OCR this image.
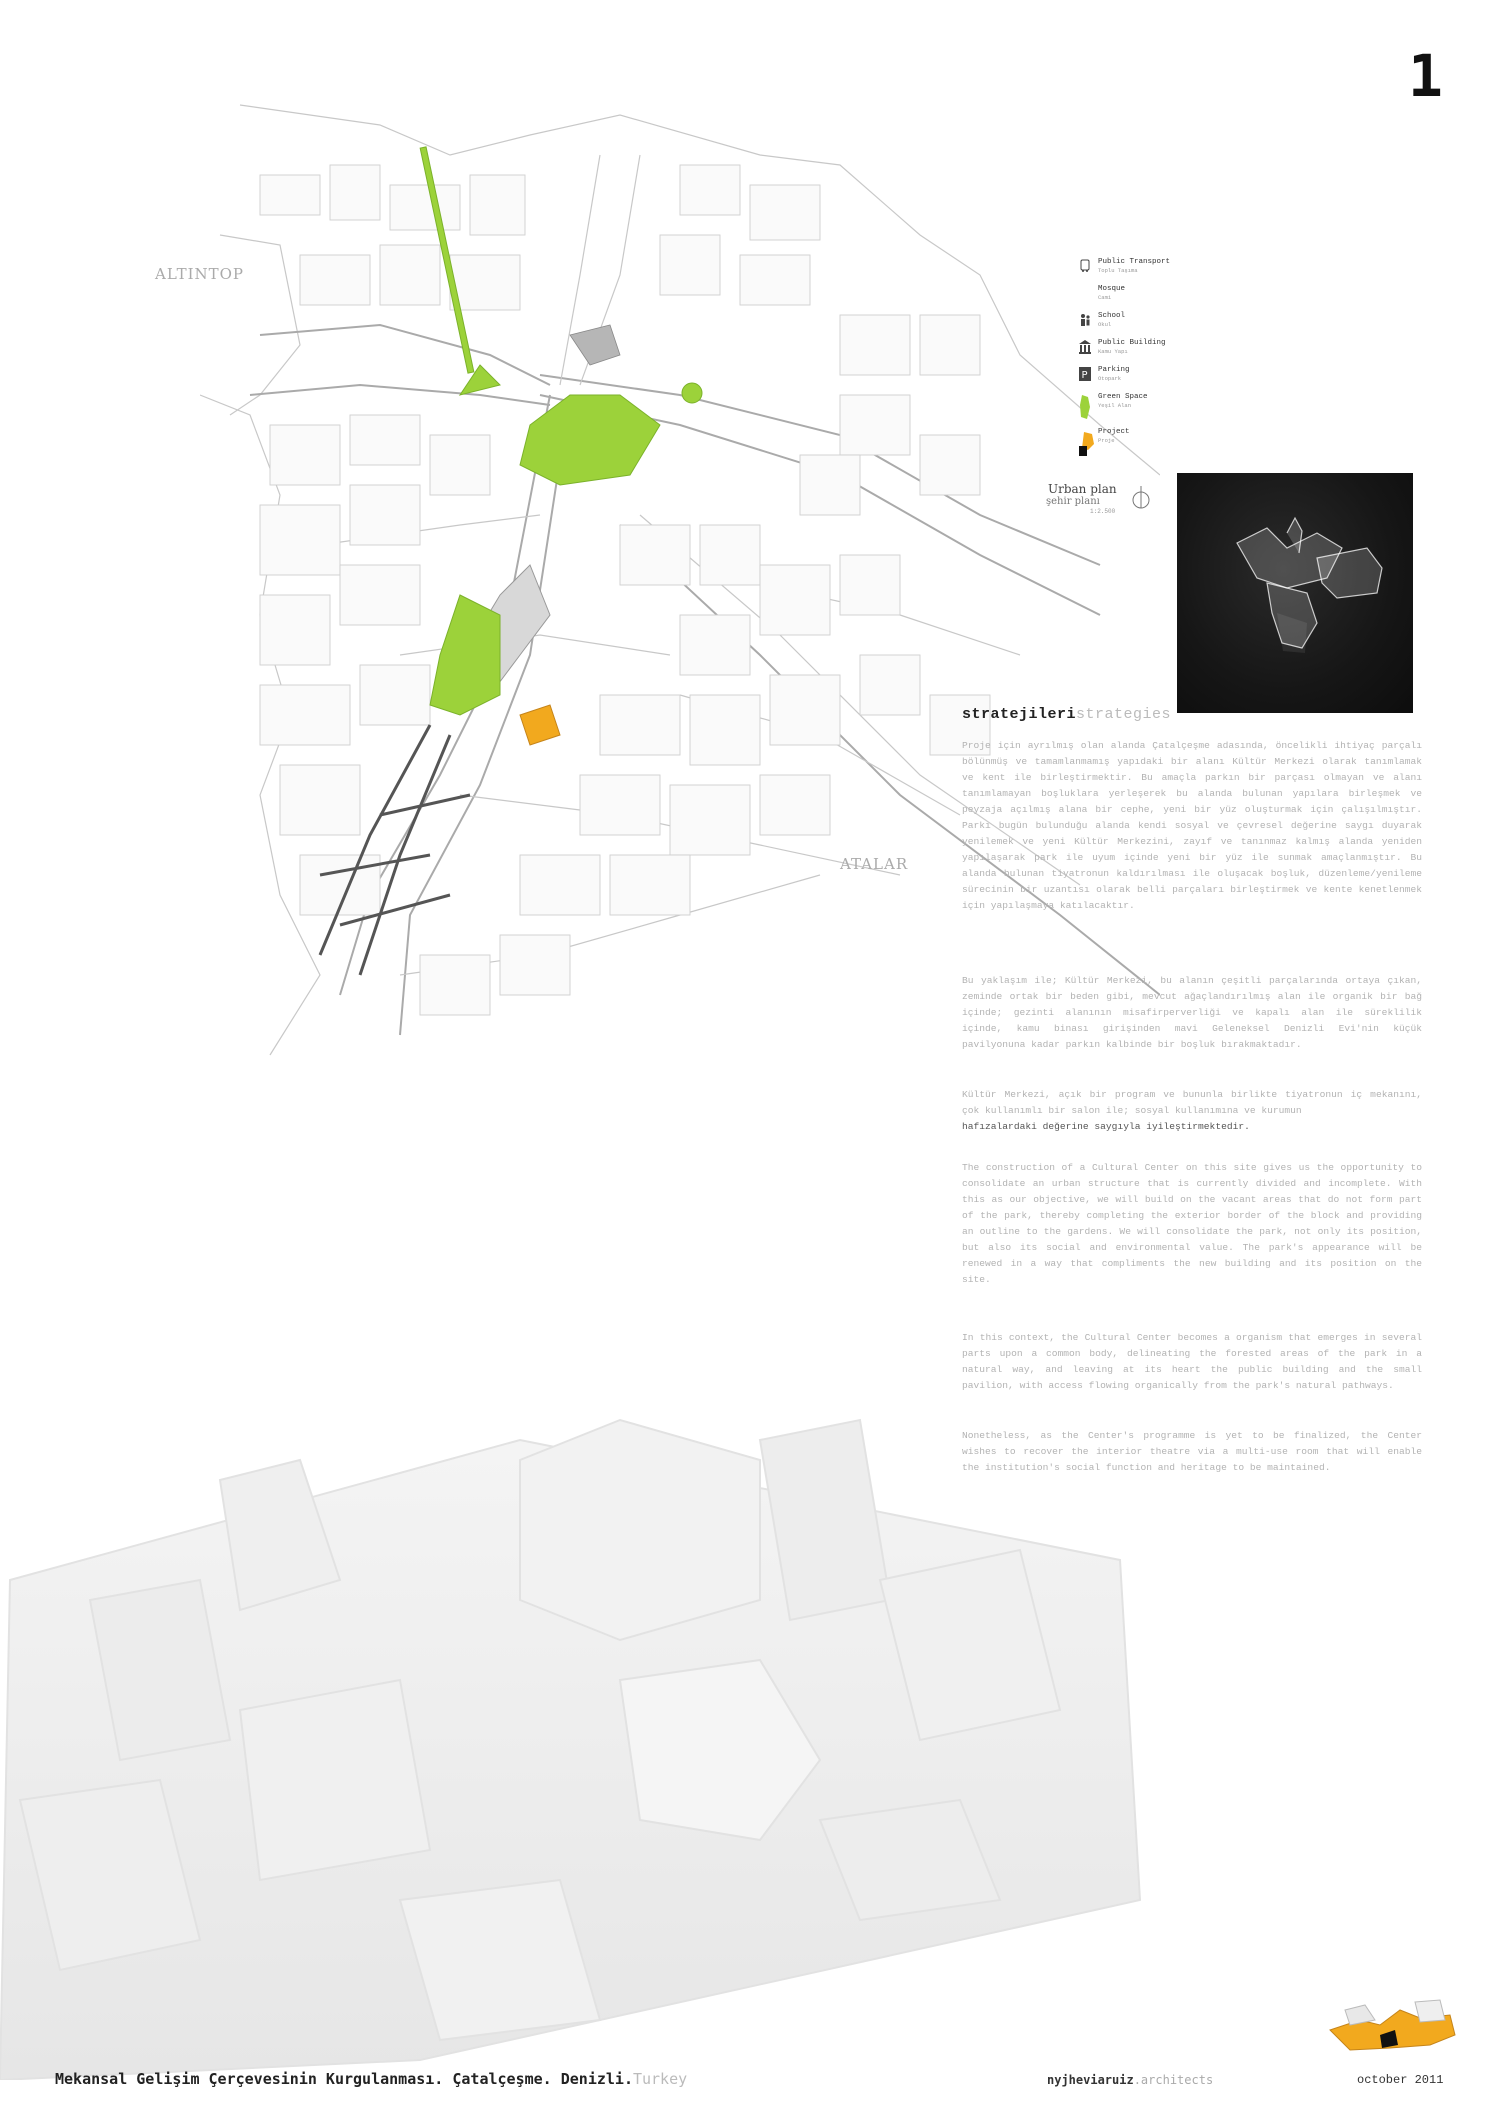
1
ALTINTOP
ATALAR
Public Transport
Toplu Taşıma
Mosque
Cami
School
Okul
Public Building
Kamu Yapı
P Parking
Otopark
Green Space
Yeşil Alan
Project
Proje
Urban plan
şehir planı
1:2.500
stratejileristrategies
Proje için ayrılmış olan alanda Çatalçeşme adasında, öncelikli ihtiyaç parçalı bölünmüş ve tamamlanmamış yapıdaki bir alanı Kültür Merkezi olarak tanımlamak ve kent ile birleştirmektir. Bu amaçla parkın bir parçası olmayan ve alanı tanımlamayan boşluklara yerleşerek bu alanda bulunan yapılara birleşmek ve peyzaja açılmış alana bir cephe, yeni bir yüz oluşturmak için çalışılmıştır. Parkı bugün bulunduğu alanda kendi sosyal ve çevresel değerine saygı duyarak yenilemek ve yeni Kültür Merkezini, zayıf ve tanınmaz kalmış alanda yeniden yapılaşarak park ile uyum içinde yeni bir yüz ile sunmak amaçlanmıştır. Bu alanda bulunan tiyatronun kaldırılması ile oluşacak boşluk, düzenleme/yenileme sürecinin bir uzantısı olarak belli parçaları birleştirmek ve kente kenetlenmek için yapılaşmaya katılacaktır.
Bu yaklaşım ile; Kültür Merkezi, bu alanın çeşitli parçalarında ortaya çıkan, zeminde ortak bir beden gibi, mevcut ağaçlandırılmış alan ile organik bir bağ içinde; gezinti alanının misafirperverliği ve kapalı alan ile süreklilik içinde, kamu binası girişinden mavi Geleneksel Denizli Evi'nin küçük pavilyonuna kadar parkın kalbinde bir boşluk bırakmaktadır.
Kültür Merkezi, açık bir program ve bununla birlikte tiyatronun iç mekanını, çok kullanımlı bir salon ile; sosyal kullanımına ve kurumun
hafızalardaki değerine saygıyla iyileştirmektedir.
The construction of a Cultural Center on this site gives us the opportunity to consolidate an urban structure that is currently divided and incomplete. With this as our objective, we will build on the vacant areas that do not form part of the park, thereby completing the exterior border of the block and providing an outline to the gardens. We will consolidate the park, not only its position, but also its social and environmental value. The park's appearance will be renewed in a way that compliments the new building and its position on the site.
In this context, the Cultural Center becomes a organism that emerges in several parts upon a common body, delineating the forested areas of the park in a natural way, and leaving at its heart the public building and the small pavilion, with access flowing organically from the park's natural pathways.
Nonetheless, as the Center's programme is yet to be finalized, the Center wishes to recover the interior theatre via a multi-use room that will enable the institution's social function and heritage to be maintained.
Mekansal Gelişim Çerçevesinin Kurgulanması. Çatalçeşme. Denizli.Turkey	nyjheviaruiz.architects	october 2011
